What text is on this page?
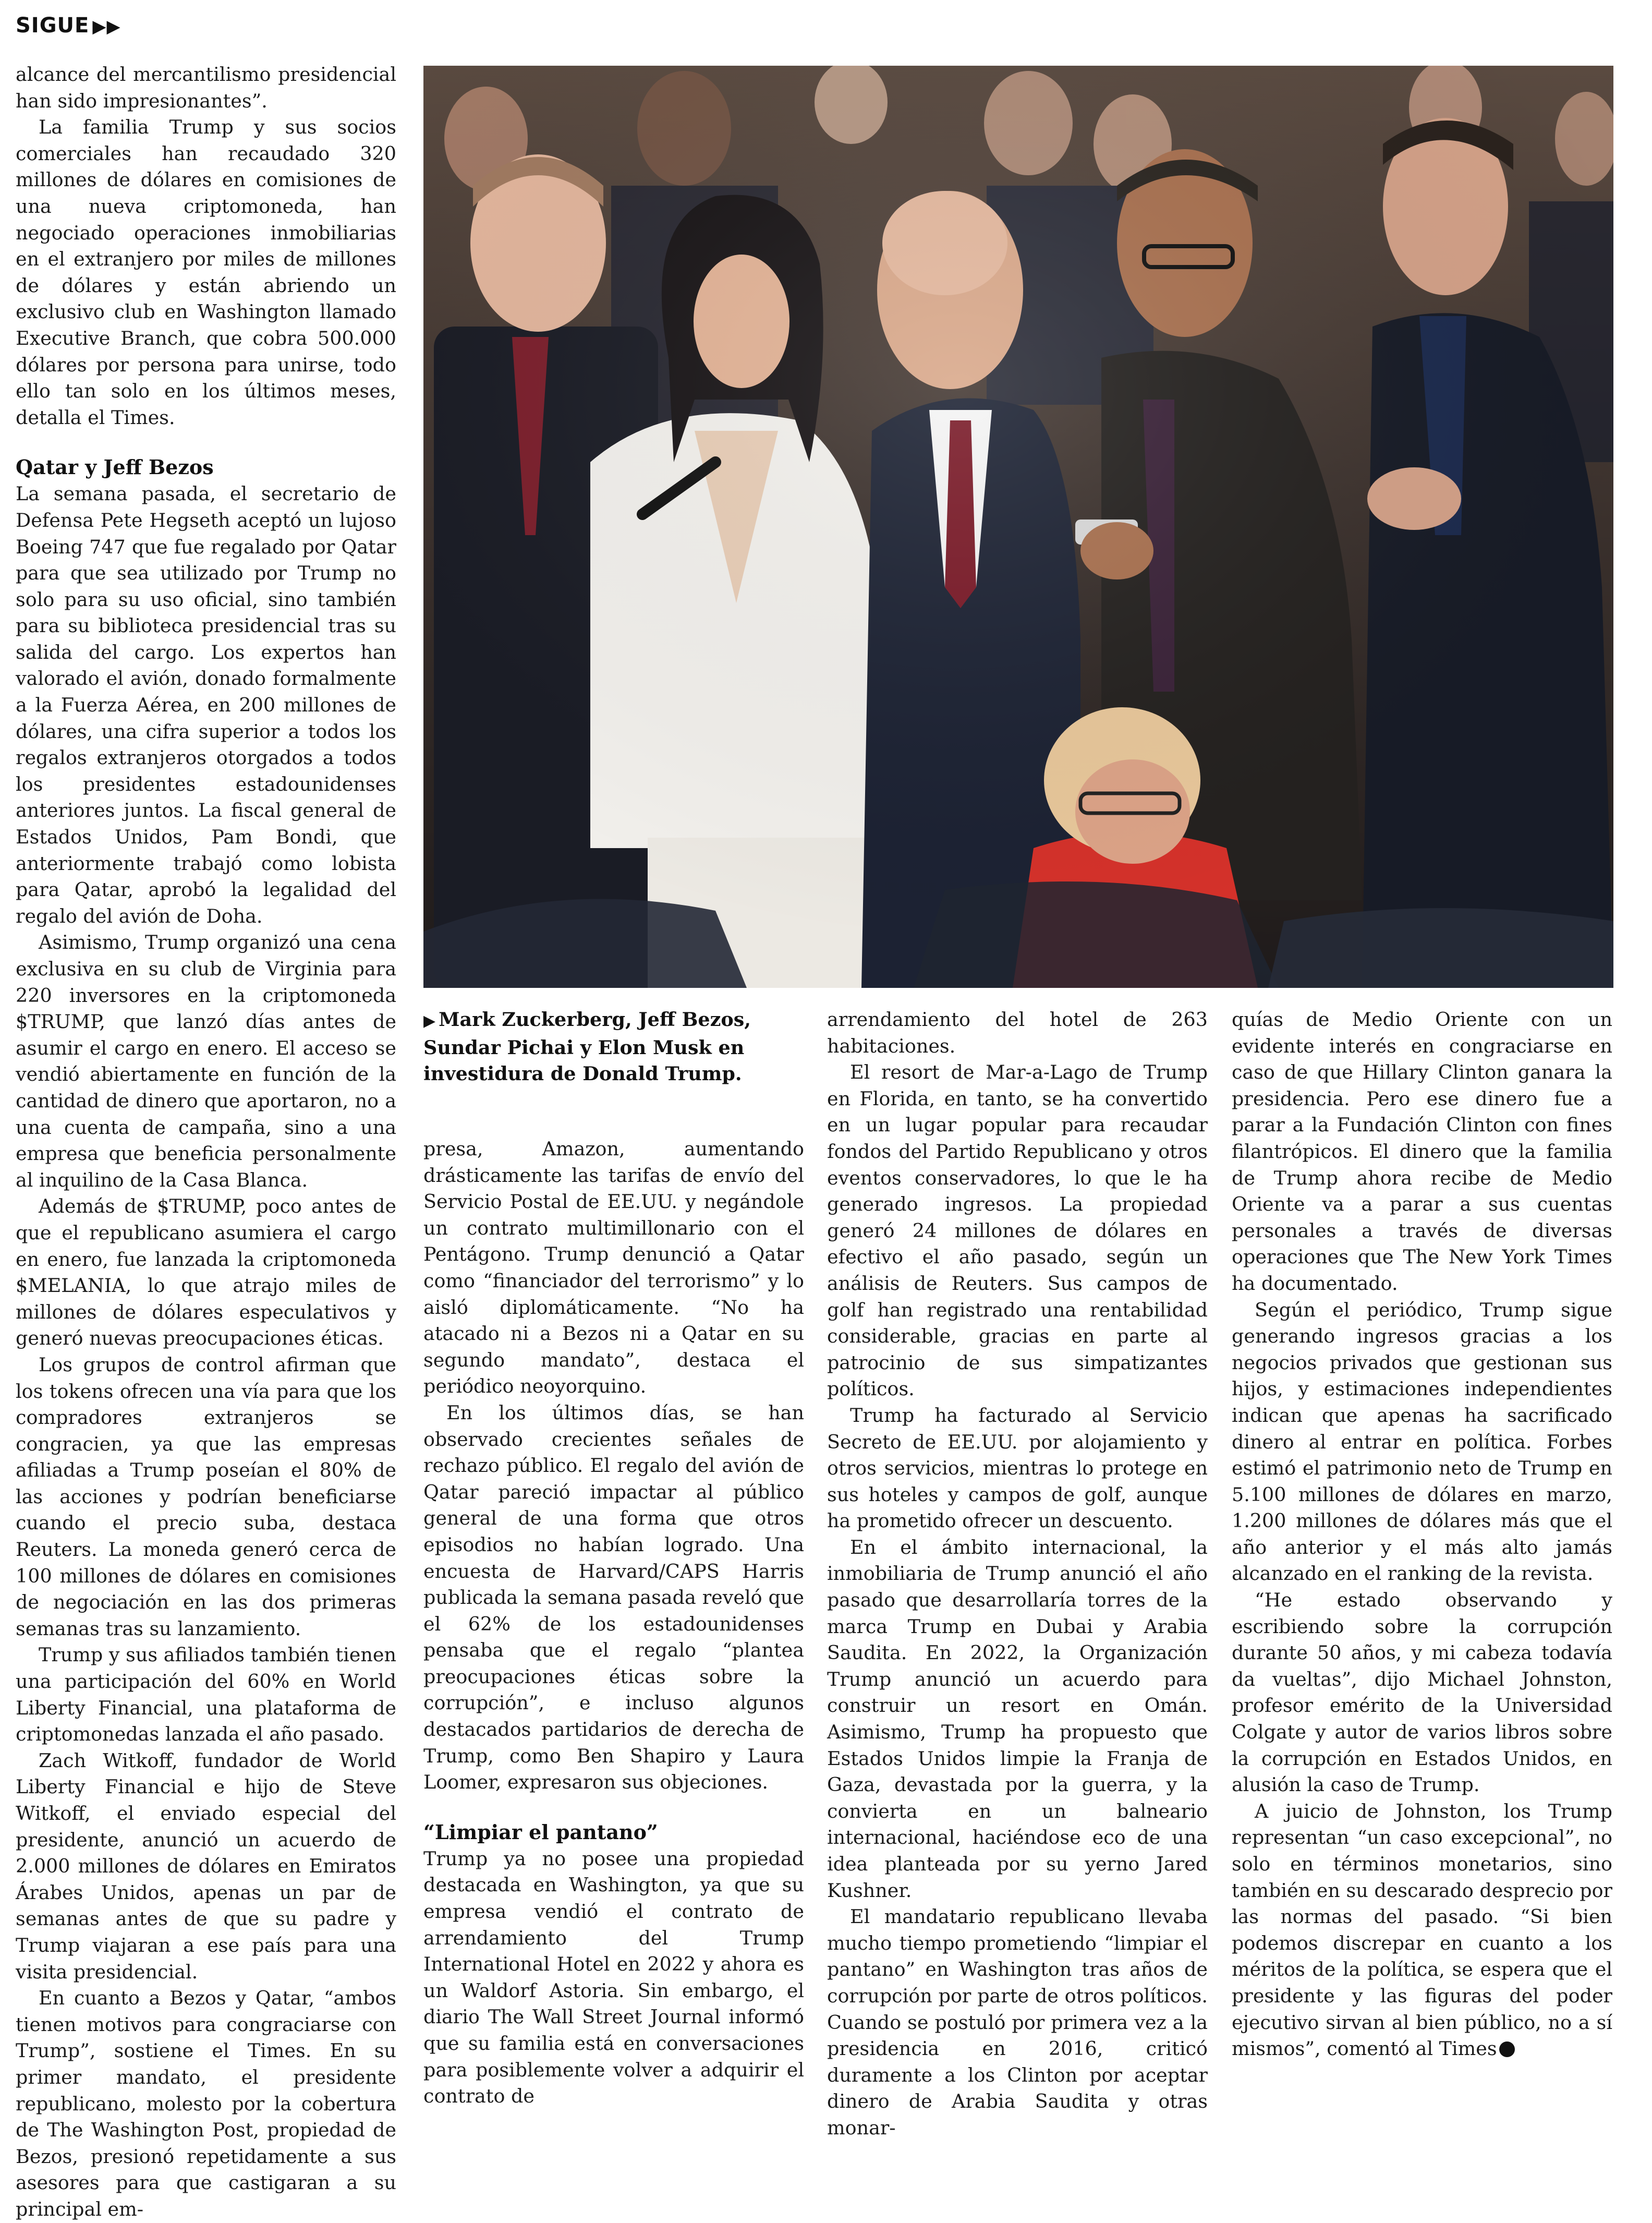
SIGUE ▶▶

alcance del mercantilismo presidencial han sido impresionantes”.

La familia Trump y sus socios comerciales han recaudado 320 millones de dólares en comisiones de una nueva criptomoneda, han negociado operaciones inmobiliarias en el extranjero por miles de millones de dólares y están abriendo un exclusivo club en Washington llamado Executive Branch, que cobra 500.000 dólares por persona para unirse, todo ello tan solo en los últimos meses, detalla el Times.

Qatar y Jeff Bezos

La semana pasada, el secretario de Defensa Pete Hegseth aceptó un lujoso Boeing 747 que fue regalado por Qatar para que sea utilizado por Trump no solo para su uso oficial, sino también para su biblioteca presidencial tras su salida del cargo. Los expertos han valorado el avión, donado formalmente a la Fuerza Aérea, en 200 millones de dólares, una cifra superior a todos los regalos extranjeros otorgados a todos los presidentes estadounidenses anteriores juntos. La fiscal general de Estados Unidos, Pam Bondi, que anteriormente trabajó como lobista para Qatar, aprobó la legalidad del regalo del avión de Doha.

Asimismo, Trump organizó una cena exclusiva en su club de Virginia para 220 inversores en la criptomoneda $TRUMP, que lanzó días antes de asumir el cargo en enero. El acceso se vendió abiertamente en función de la cantidad de dinero que aportaron, no a una cuenta de campaña, sino a una empresa que beneficia personalmente al inquilino de la Casa Blanca.

Además de $TRUMP, poco antes de que el republicano asumiera el cargo en enero, fue lanzada la criptomoneda $MELANIA, lo que atrajo miles de millones de dólares especulativos y generó nuevas preocupaciones éticas.

Los grupos de control afirman que los tokens ofrecen una vía para que los compradores extranjeros se congracien, ya que las empresas afiliadas a Trump poseían el 80% de las acciones y podrían beneficiarse cuando el precio suba, destaca Reuters. La moneda generó cerca de 100 millones de dólares en comisiones de negociación en las dos primeras semanas tras su lanzamiento.

Trump y sus afiliados también tienen una participación del 60% en World Liberty Financial, una plataforma de criptomonedas lanzada el año pasado.

Zach Witkoff, fundador de World Liberty Financial e hijo de Steve Witkoff, el enviado especial del presidente, anunció un acuerdo de 2.000 millones de dólares en Emiratos Árabes Unidos, apenas un par de semanas antes de que su padre y Trump viajaran a ese país para una visita presidencial.

En cuanto a Bezos y Qatar, “ambos tienen motivos para congraciarse con Trump”, sostiene el Times. En su primer mandato, el presidente republicano, molesto por la cobertura de The Washington Post, propiedad de Bezos, presionó repetidamente a sus asesores para que castigaran a su principal em-

▶ Mark Zuckerberg, Jeff Bezos, Sundar Pichai y Elon Musk en investidura de Donald Trump.

presa, Amazon, aumentando drásticamente las tarifas de envío del Servicio Postal de EE.UU. y negándole un contrato multimillonario con el Pentágono. Trump denunció a Qatar como “financiador del terrorismo” y lo aisló diplomáticamente. “No ha atacado ni a Bezos ni a Qatar en su segundo mandato”, destaca el periódico neoyorquino.

En los últimos días, se han observado crecientes señales de rechazo público. El regalo del avión de Qatar pareció impactar al público general de una forma que otros episodios no habían logrado. Una encuesta de Harvard/CAPS Harris publicada la semana pasada reveló que el 62% de los estadounidenses pensaba que el regalo “plantea preocupaciones éticas sobre la corrupción”, e incluso algunos destacados partidarios de derecha de Trump, como Ben Shapiro y Laura Loomer, expresaron sus objeciones.

“Limpiar el pantano”

Trump ya no posee una propiedad destacada en Washington, ya que su empresa vendió el contrato de arrendamiento del Trump International Hotel en 2022 y ahora es un Waldorf Astoria. Sin embargo, el diario The Wall Street Journal informó que su familia está en conversaciones para posiblemente volver a adquirir el contrato de

arrendamiento del hotel de 263 habitaciones.

El resort de Mar-a-Lago de Trump en Florida, en tanto, se ha convertido en un lugar popular para recaudar fondos del Partido Republicano y otros eventos conservadores, lo que le ha generado ingresos. La propiedad generó 24 millones de dólares en efectivo el año pasado, según un análisis de Reuters. Sus campos de golf han registrado una rentabilidad considerable, gracias en parte al patrocinio de sus simpatizantes políticos.

Trump ha facturado al Servicio Secreto de EE.UU. por alojamiento y otros servicios, mientras lo protege en sus hoteles y campos de golf, aunque ha prometido ofrecer un descuento.

En el ámbito internacional, la inmobiliaria de Trump anunció el año pasado que desarrollaría torres de la marca Trump en Dubai y Arabia Saudita. En 2022, la Organización Trump anunció un acuerdo para construir un resort en Omán. Asimismo, Trump ha propuesto que Estados Unidos limpie la Franja de Gaza, devastada por la guerra, y la convierta en un balneario internacional, haciéndose eco de una idea planteada por su yerno Jared Kushner.

El mandatario republicano llevaba mucho tiempo prometiendo “limpiar el pantano” en Washington tras años de corrupción por parte de otros políticos. Cuando se postuló por primera vez a la presidencia en 2016, criticó duramente a los Clinton por aceptar dinero de Arabia Saudita y otras monar-

quías de Medio Oriente con un evidente interés en congraciarse en caso de que Hillary Clinton ganara la presidencia. Pero ese dinero fue a parar a la Fundación Clinton con fines filantrópicos. El dinero que la familia de Trump ahora recibe de Medio Oriente va a parar a sus cuentas personales a través de diversas operaciones que The New York Times ha documentado.

Según el periódico, Trump sigue generando ingresos gracias a los negocios privados que gestionan sus hijos, y estimaciones independientes indican que apenas ha sacrificado dinero al entrar en política. Forbes estimó el patrimonio neto de Trump en 5.100 millones de dólares en marzo, 1.200 millones de dólares más que el año anterior y el más alto jamás alcanzado en el ranking de la revista.

“He estado observando y escribiendo sobre la corrupción durante 50 años, y mi cabeza todavía da vueltas”, dijo Michael Johnston, profesor emérito de la Universidad Colgate y autor de varios libros sobre la corrupción en Estados Unidos, en alusión la caso de Trump.

A juicio de Johnston, los Trump representan “un caso excepcional”, no solo en términos monetarios, sino también en su descarado desprecio por las normas del pasado. “Si bien podemos discrepar en cuanto a los méritos de la política, se espera que el presidente y las figuras del poder ejecutivo sirvan al bien público, no a sí mismos”, comentó al Times
